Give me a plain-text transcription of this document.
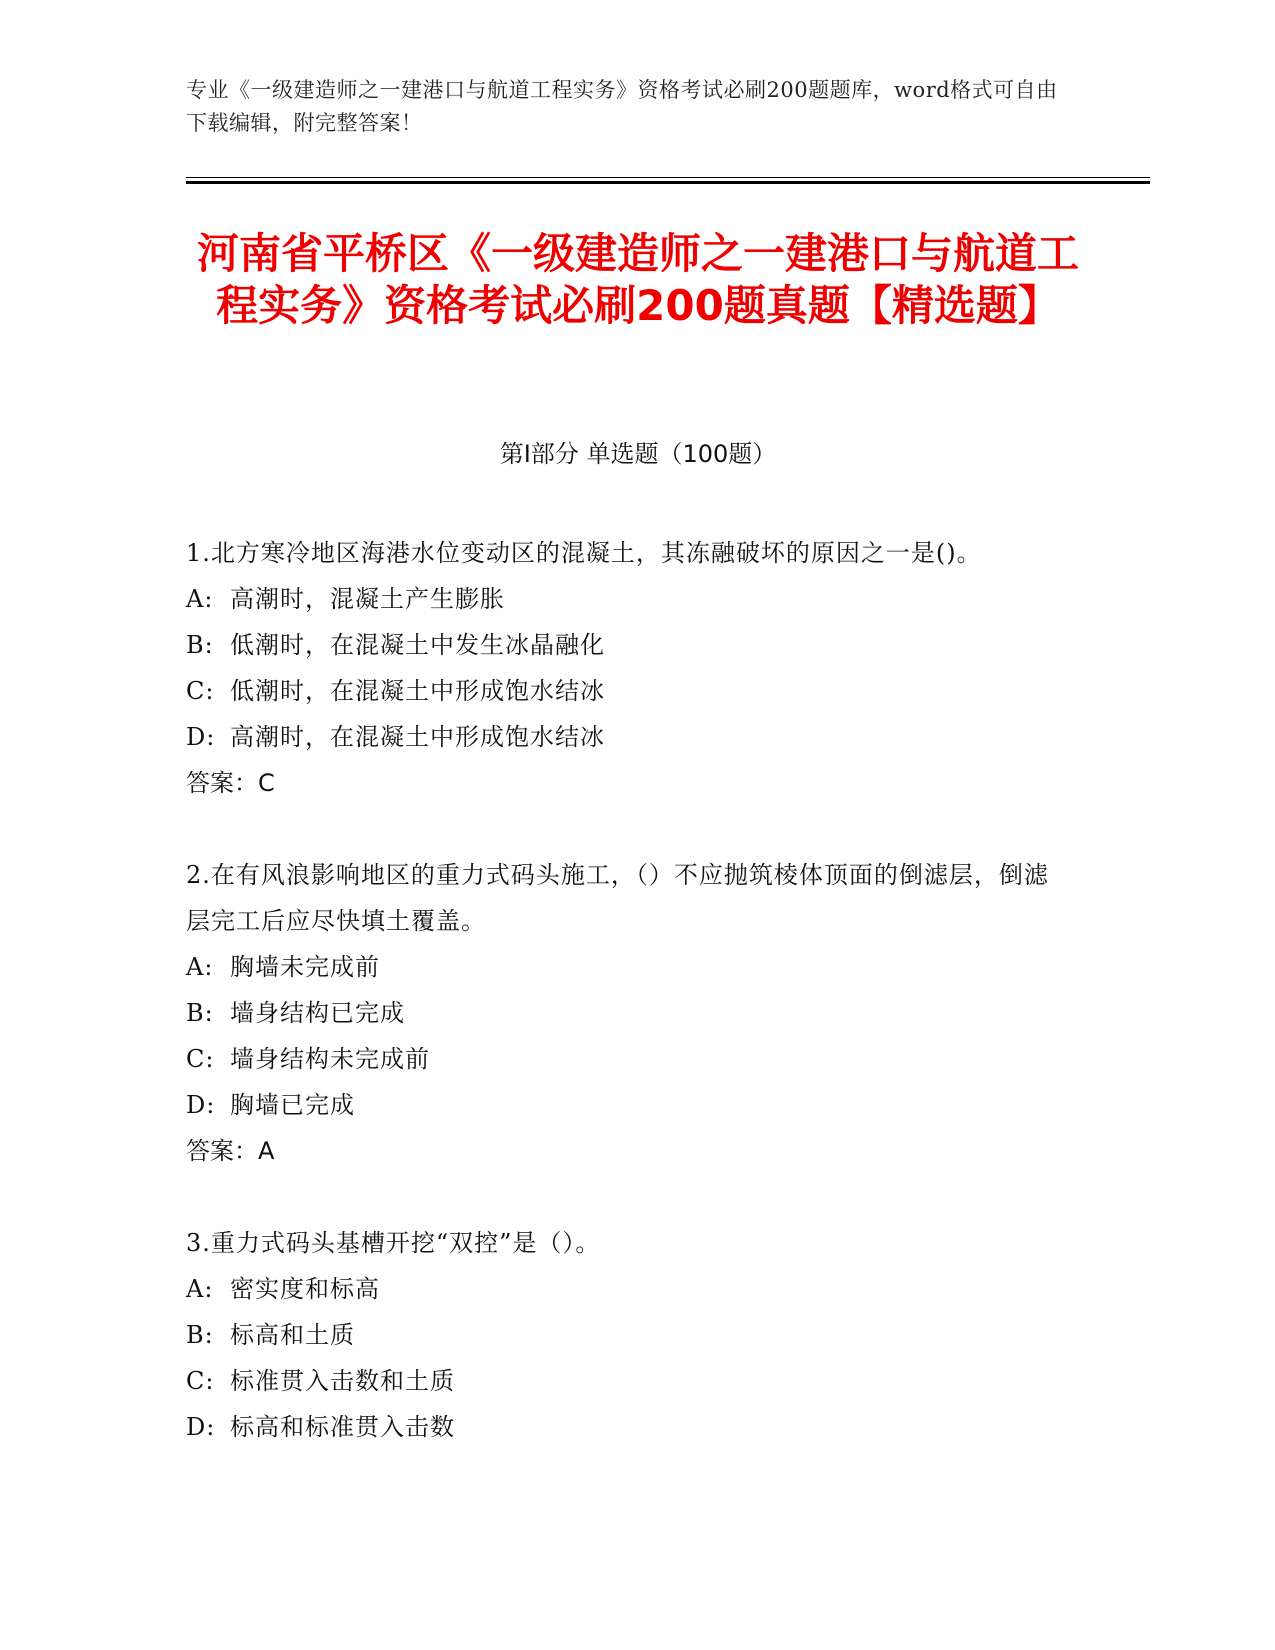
专业《一级建造师之一建港口与航道工程实务》资格考试必刷200题题库，word格式可自由下载编辑，附完整答案！
河南省平桥区《一级建造师之一建港口与航道工程实务》资格考试必刷200题真题【精选题】
第Ⅰ部分 单选题（100题）
1.北方寒冷地区海港水位变动区的混凝土，其冻融破坏的原因之一是()。
A: 高潮时，混凝土产生膨胀
B: 低潮时，在混凝土中发生冰晶融化
C: 低潮时，在混凝土中形成饱水结冰
D: 高潮时，在混凝土中形成饱水结冰
答案：C
2.在有风浪影响地区的重力式码头施工，（）不应抛筑棱体顶面的倒滤层，倒滤层完工后应尽快填土覆盖。
A: 胸墙未完成前
B: 墙身结构已完成
C: 墙身结构未完成前
D: 胸墙已完成
答案：A
3.重力式码头基槽开挖“双控”是（）。
A: 密实度和标高
B: 标高和土质
C: 标准贯入击数和土质
D: 标高和标准贯入击数
